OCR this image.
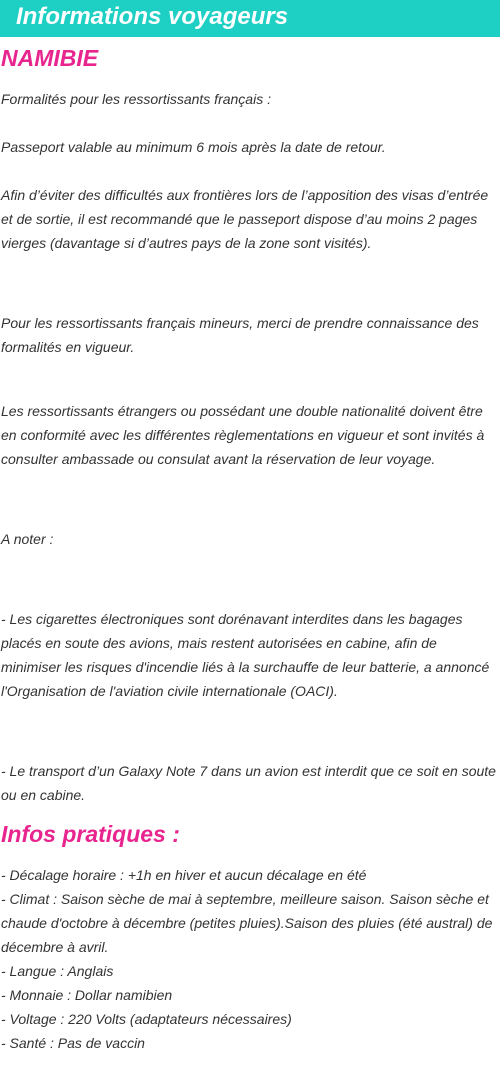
Informations voyageurs
NAMIBIE

Formalités pour les ressortissants français :

Passeport valable au minimum 6 mois après la date de retour.

Afin d’éviter des difficultés aux frontières lors de l’apposition des visas d’entrée et de sortie, il est recommandé que le passeport dispose d’au moins 2 pages vierges (davantage si d’autres pays de la zone sont visités).

Pour les ressortissants français mineurs, merci de prendre connaissance des formalités en vigueur.

Les ressortissants étrangers ou possédant une double nationalité doivent être en conformité avec les différentes règlementations en vigueur et sont invités à consulter ambassade ou consulat avant la réservation de leur voyage.

A noter :

- Les cigarettes électroniques sont dorénavant interdites dans les bagages placés en soute des avions, mais restent autorisées en cabine, afin de minimiser les risques d'incendie liés à la surchauffe de leur batterie, a annoncé l'Organisation de l'aviation civile internationale (OACI).

- Le transport d’un Galaxy Note 7 dans un avion est interdit que ce soit en soute ou en cabine.

Infos pratiques :
- Décalage horaire : +1h en hiver et aucun décalage en été
- Climat : Saison sèche de mai à septembre, meilleure saison. Saison sèche et chaude d'octobre à décembre (petites pluies).Saison des pluies (été austral) de décembre à avril.
- Langue : Anglais
- Monnaie : Dollar namibien
- Voltage : 220 Volts (adaptateurs nécessaires)
- Santé : Pas de vaccin
